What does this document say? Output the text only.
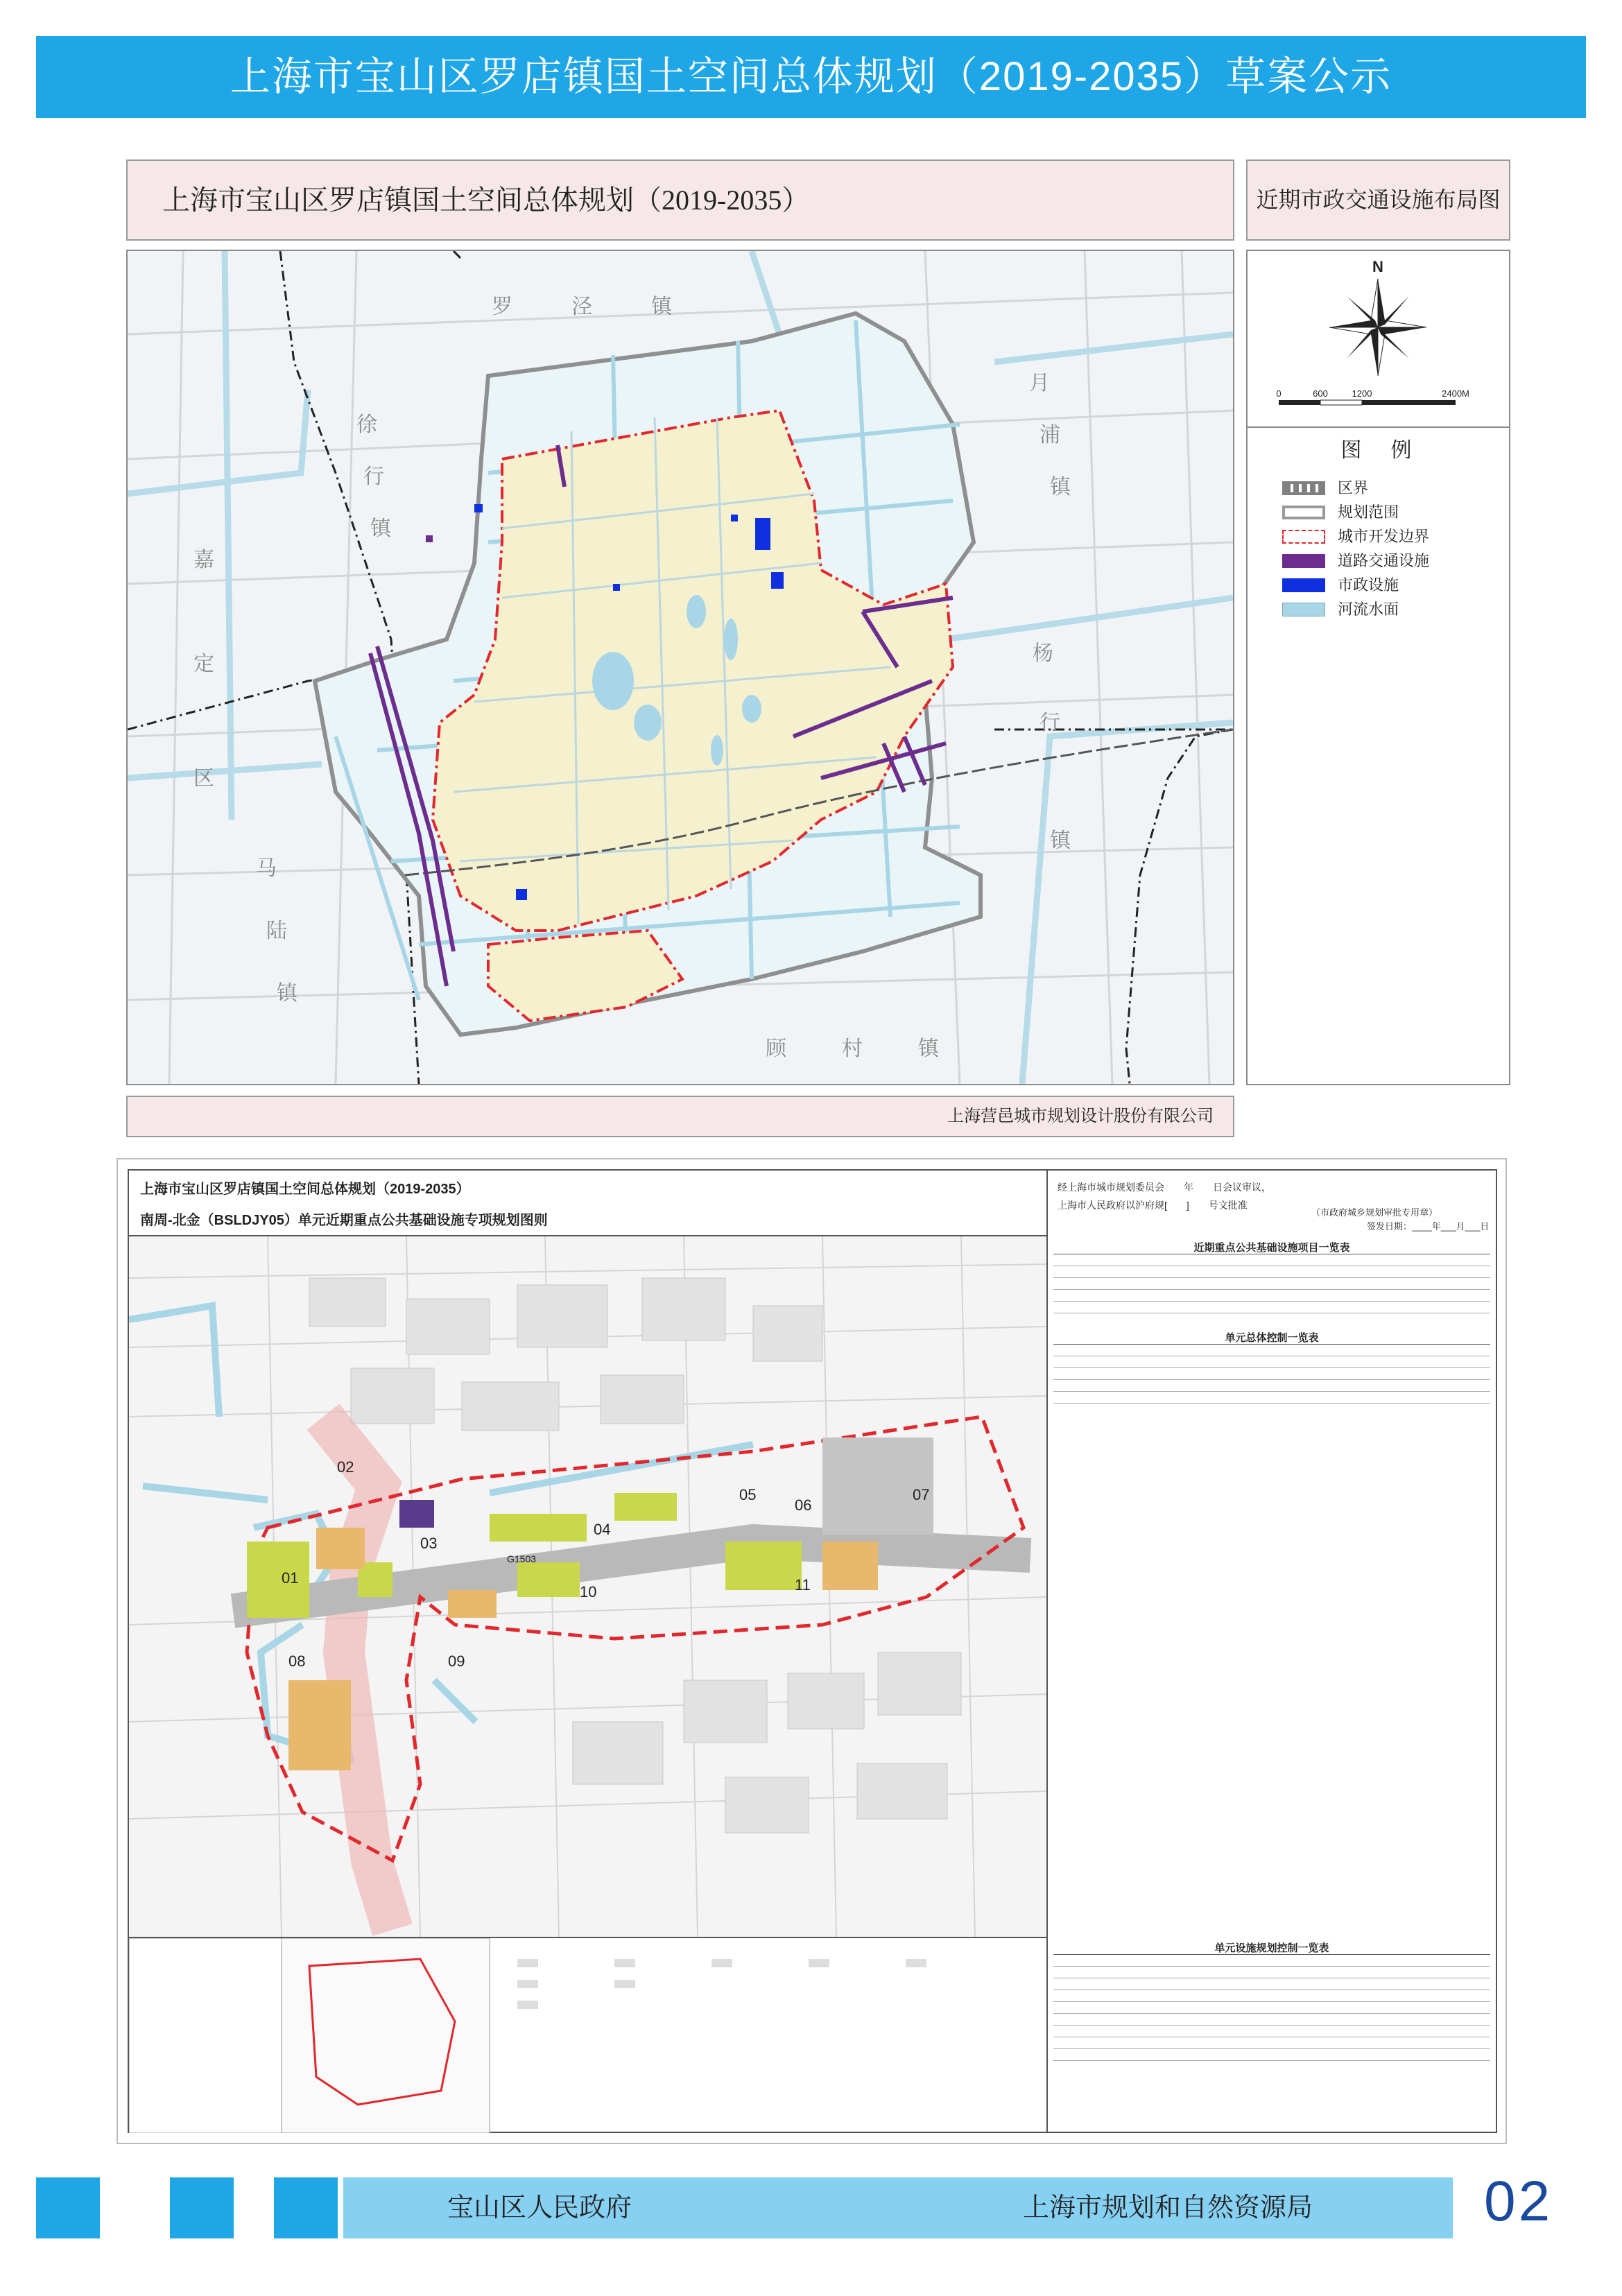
上海市宝山区罗店镇国土空间总体规划（2019-2035）草案公示
上海市宝山区罗店镇国土空间总体规划（2019-2035）	近期市政交通设施布局图
罗	泾	镇
月
浦
镇
徐
行
镇
嘉
定
区
杨
行
镇
马
陆
镇
顾	村	镇
N
0	600	1200	2400M
图　例
区界
规划范围
城市开发边界
道路交通设施
市政设施
河流水面
上海营邑城市规划设计股份有限公司
上海市宝山区罗店镇国土空间总体规划（2019-2035）
南周-北金（BSLDJY05）单元近期重点公共基础设施专项规划图则
01
02
03
04
05
06
07
08	09
10	11
G1503
经上海市城市规划委员会　　年　　日会议审议，
上海市人民政府以沪府规[　　]　　号文批准
（市政府城乡规划审批专用章）
签发日期：____年___月___日
近期重点公共基础设施项目一览表
单元总体控制一览表
单元设施规划控制一览表
宝山区人民政府	上海市规划和自然资源局	02
